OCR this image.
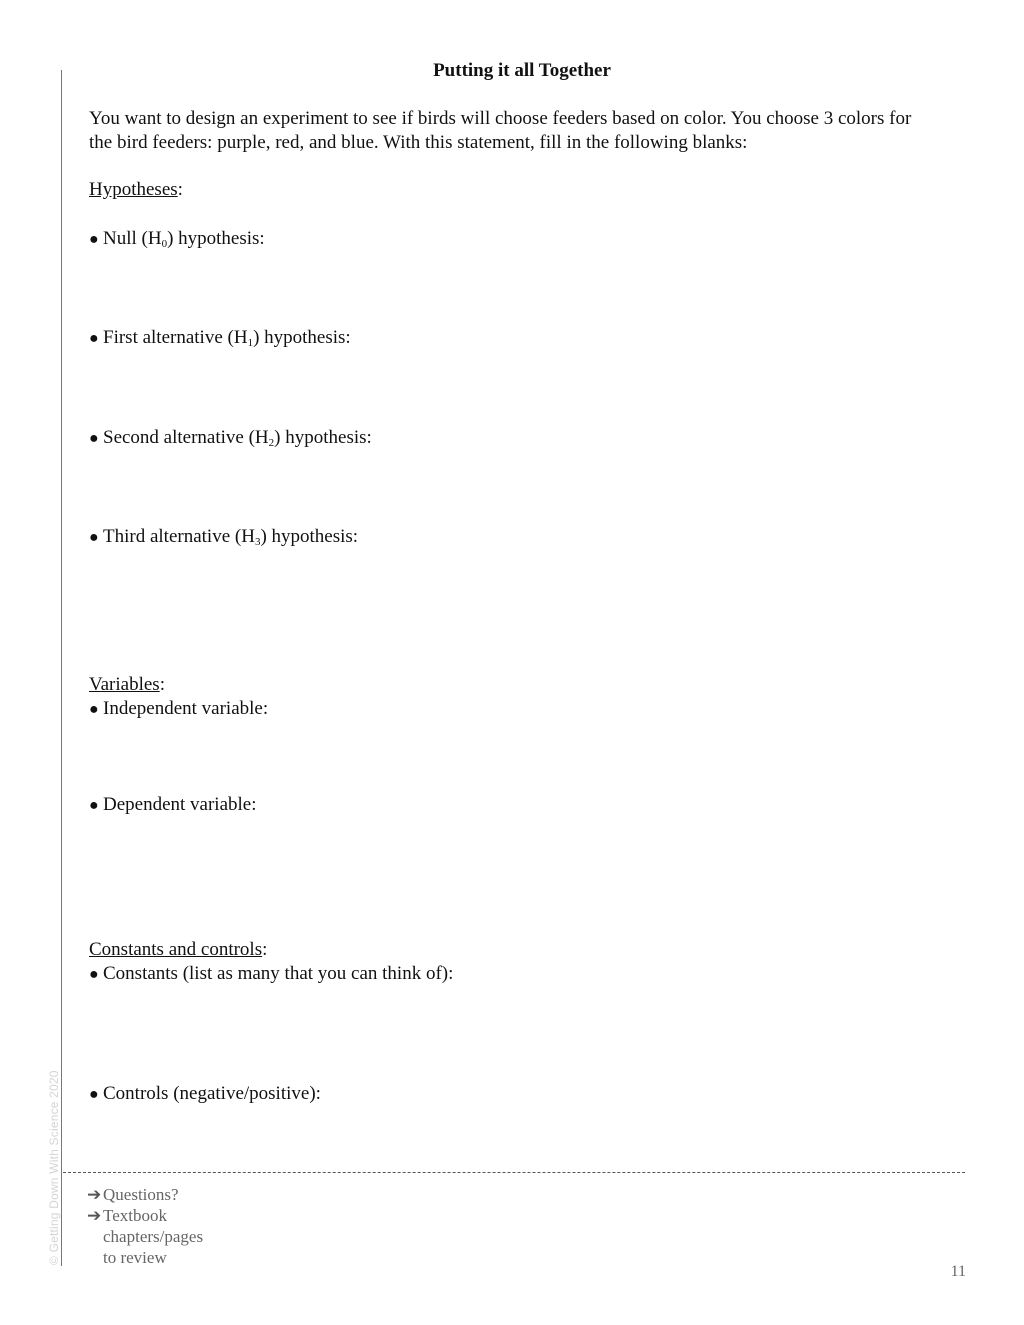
© Getting Down With Science 2020
Putting it all Together
You want to design an experiment to see if birds will choose feeders based on color. You choose 3 colors for the bird feeders: purple, red, and blue. With this statement, fill in the following blanks:
Hypotheses:
● Null $(H_0)$ hypothesis:
● First alternative $(H_1)$ hypothesis:
● Second alternative $(H_2)$ hypothesis:
● Third alternative $(H_3)$ hypothesis:
Variables:
● Independent variable:
● Dependent variable:
Constants and controls:
● Constants (list as many that you can think of):
● Controls (negative/positive):
➔ Questions?
➔ Textbook
chapters/pages
to review
11
